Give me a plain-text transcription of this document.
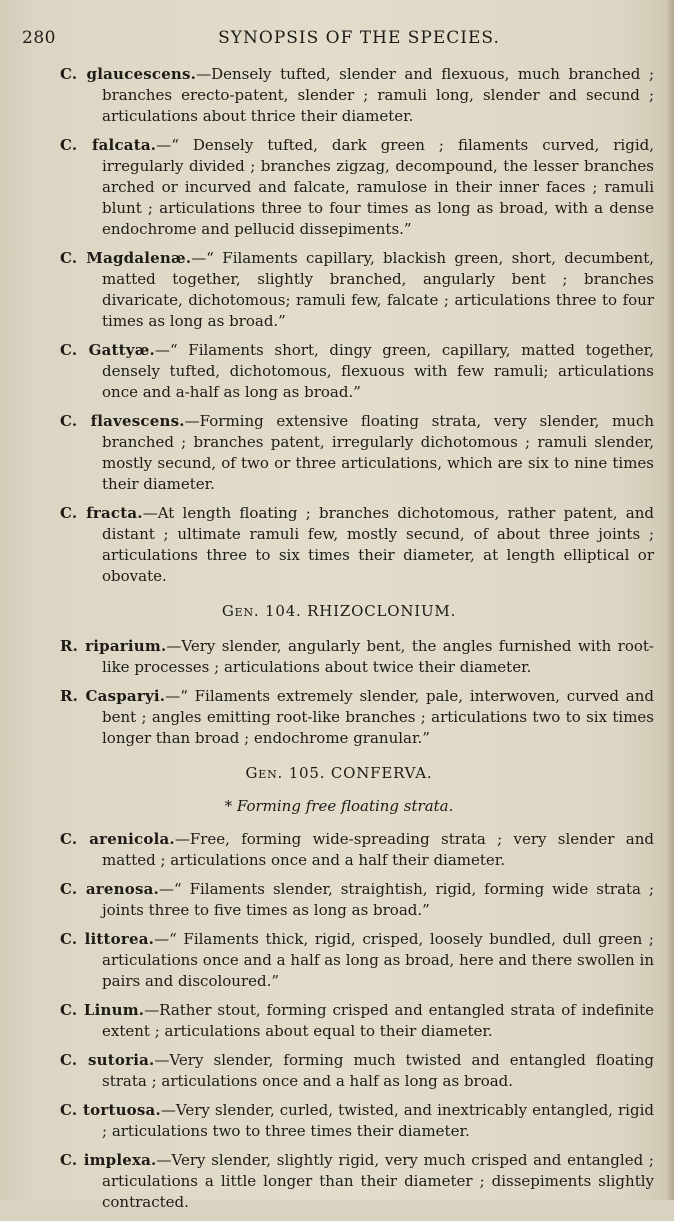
280	SYNOPSIS OF THE SPECIES.
C. glaucescens.—Densely tufted, slender and flexuous, much branched ; branches erecto-patent, slender ; ramuli long, slender and secund ; articulations about thrice their diameter.
C. falcata.—“ Densely tufted, dark green ; filaments curved, rigid, irregularly divided ; branches zigzag, decompound, the lesser branches arched or incurved and falcate, ramulose in their inner faces ; ramuli blunt ; articulations three to four times as long as broad, with a dense endochrome and pellucid dissepiments.”
C. Magdalenæ.—“ Filaments capillary, blackish green, short, decumbent, matted together, slightly branched, angularly bent ; branches divaricate, dichotomous; ramuli few, falcate ; articulations three to four times as long as broad.”
C. Gattyæ.—“ Filaments short, dingy green, capillary, matted together, densely tufted, dichotomous, flexuous with few ramuli; articulations once and a-half as long as broad.”
C. flavescens.—Forming extensive floating strata, very slender, much branched ; branches patent, irregularly dichotomous ; ramuli slender, mostly secund, of two or three articulations, which are six to nine times their diameter.
C. fracta.—At length floating ; branches dichotomous, rather patent, and distant ; ultimate ramuli few, mostly secund, of about three joints ; articulations three to six times their diameter, at length elliptical or obovate.
Gen. 104. RHIZOCLONIUM.
R. riparium.—Very slender, angularly bent, the angles furnished with root-like processes ; articulations about twice their diameter.
R. Casparyi.—“ Filaments extremely slender, pale, interwoven, curved and bent ; angles emitting root-like branches ; articulations two to six times longer than broad ; endochrome granular.”
Gen. 105. CONFERVA.
* Forming free floating strata.
C. arenicola.—Free, forming wide-spreading strata ; very slender and matted ; articulations once and a half their diameter.
C. arenosa.—“ Filaments slender, straightish, rigid, forming wide strata ; joints three to five times as long as broad.”
C. littorea.—“ Filaments thick, rigid, crisped, loosely bundled, dull green ; articulations once and a half as long as broad, here and there swollen in pairs and discoloured.”
C. Linum.—Rather stout, forming crisped and entangled strata of indefinite extent ; articulations about equal to their diameter.
C. sutoria.—Very slender, forming much twisted and entangled floating strata ; articulations once and a half as long as broad.
C. tortuosa.—Very slender, curled, twisted, and inextricably entangled, rigid ; articulations two to three times their diameter.
C. implexa.—Very slender, slightly rigid, very much crisped and entangled ; articulations a little longer than their diameter ; dissepiments slightly contracted.
